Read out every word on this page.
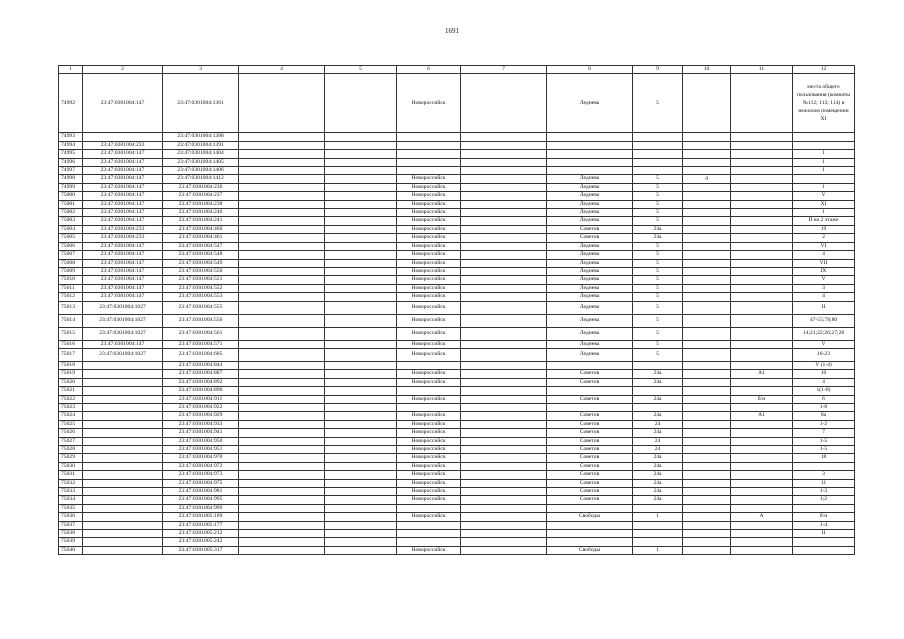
1691
1	2	3	4	5	6	7	8	9	10	11	12
74992	23:47:0301004:147	23:47:0301004:1361			Новороссийск		Леднева	5			места общего пользования (комнаты №112; 113; 114) в нежилом помещении XI
74993		23:47:0301004:1388									
74994	23:47:0301004:233	23:47:0301004:1391									
74995	23:47:0301004:147	23:47:0301004:1404									1
74996	23:47:0301004:147	23:47:0301004:1405									1
74997	23:47:0301004:147	23:47:0301004:1406									1
74998	23:47:0301004:147	23:47:0301004:1412			Новороссийск		Леднева	5	д		
74999	23:47:0301004:147	23:47:0301004:236			Новороссийск		Леднева	5			1
75000	23:47:0301004:147	23:47:0301004:237			Новороссийск		Леднева	5			V
75001	23:47:0301004:147	23:47:0301004:238			Новороссийск		Леднева	5			XI
75002	23:47:0301004:147	23:47:0301004:240			Новороссийск		Леднева	5			1
75003	23:47:0301004:147	23:47:0301004:241			Новороссийск		Леднева	5			II на 2 этаже
75004	23:47:0301004:233	23:47:0301004:460			Новороссийск		Советов	24а			19
75005	23:47:0301004:233	23:47:0301004:461			Новороссийск		Советов	24а			2
75006	23:47:0301004:147	23:47:0301004:547			Новороссийск		Леднева	5			VI
75007	23:47:0301004:147	23:47:0301004:548			Новороссийск		Леднева	5			4
75008	23:47:0301004:147	23:47:0301004:549			Новороссийск		Леднева	5			VII
75009	23:47:0301004:147	23:47:0301004:550			Новороссийск		Леднева	5			IX
75010	23:47:0301004:147	23:47:0301004:551			Новороссийск		Леднева	5			V
75011	23:47:0301004:147	23:47:0301004:552			Новороссийск		Леднева	5			3
75012	23:47:0301004:147	23:47:0301004:553			Новороссийск		Леднева	5			4
75013	23:47:0301004:1027	23:47:0301004:555			Новороссийск		Леднева	5			II
75014	23:47:0301004:1027	23:47:0301004:556			Новороссийск		Леднева	5			47-55;78;80
75015	23:47:0301004:1027	23:47:0301004:561			Новороссийск		Леднева	5			14;21;22;26;27;28
75016	23:47:0301004:147	23:47:0301004:571			Новороссийск		Леднева	5			V
75017	23:47:0301004:1027	23:47:0301004:605			Новороссийск		Леднева	5			16-23
75018		23:47:0301004:844									У (1-4)
75019		23:47:0301004:887			Новороссийск		Советов	24а		А1	10
75020		23:47:0301004:892			Новороссийск		Советов	24а			4
75021		23:47:0301004:896									1(1-8)
75022		23:47:0301004:911			Новороссийск		Советов	24а		б/н	6
75023		23:47:0301004:922									1-8
75024		23:47:0301004:929			Новороссийск		Советов	24а		А1	8а
75025		23:47:0301004:933			Новороссийск		Советов	24			1-2
75026		23:47:0301004:941			Новороссийск		Советов	24а			7
75027		23:47:0301004:950			Новороссийск		Советов	24			1-5
75028		23:47:0301004:951			Новороссийск		Советов	24			1-5
75029		23:47:0301004:970			Новороссийск		Советов	24а			18
75030		23:47:0301004:972			Новороссийск		Советов	24а			
75031		23:47:0301004:973			Новороссийск		Советов	24а			3
75032		23:47:0301004:975			Новороссийск		Советов	24а			11
75033		23:47:0301004:981			Новороссийск		Советов	24а			1-3
75034		23:47:0301004:995			Новороссийск		Советов	24а			1;2
75035		23:47:0301004:999									
75036		23:47:0301005:169			Новороссийск		Свободы	1		А	б/н
75037		23:47:0301005:177									1-4
75038		23:47:0301005:212									II
75039		23:47:0301005:242									
75040		23:47:0301005:317			Новороссийск		Свободы	1			
